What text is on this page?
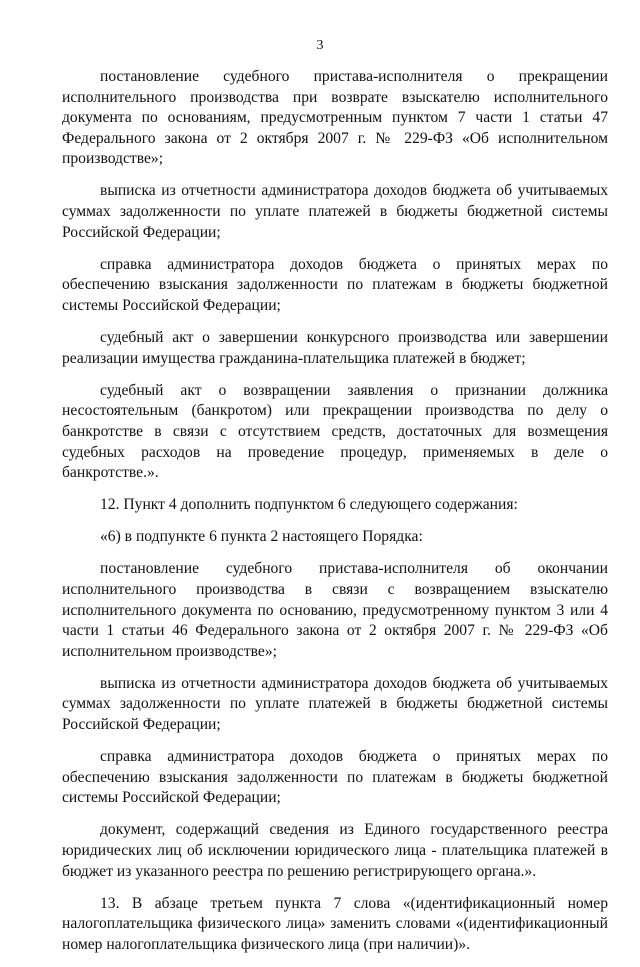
3

постановление судебного пристава-исполнителя о прекращении исполнительного производства при возврате взыскателю исполнительного документа по основаниям, предусмотренным пунктом 7 части 1 статьи 47 Федерального закона от 2 октября 2007 г. № 229-ФЗ «Об исполнительном производстве»;

выписка из отчетности администратора доходов бюджета об учитываемых суммах задолженности по уплате платежей в бюджеты бюджетной системы Российской Федерации;

справка администратора доходов бюджета о принятых мерах по обеспечению взыскания задолженности по платежам в бюджеты бюджетной системы Российской Федерации;

судебный акт о завершении конкурсного производства или завершении реализации имущества гражданина-плательщика платежей в бюджет;

судебный акт о возвращении заявления о признании должника несостоятельным (банкротом) или прекращении производства по делу о банкротстве в связи с отсутствием средств, достаточных для возмещения судебных расходов на проведение процедур, применяемых в деле о банкротстве.».

12. Пункт 4 дополнить подпунктом 6 следующего содержания:

«6) в подпункте 6 пункта 2 настоящего Порядка:

постановление судебного пристава-исполнителя об окончании исполнительного производства в связи с возвращением взыскателю исполнительного документа по основанию, предусмотренному пунктом 3 или 4 части 1 статьи 46 Федерального закона от 2 октября 2007 г. № 229-ФЗ «Об исполнительном производстве»;

выписка из отчетности администратора доходов бюджета об учитываемых суммах задолженности по уплате платежей в бюджеты бюджетной системы Российской Федерации;

справка администратора доходов бюджета о принятых мерах по обеспечению взыскания задолженности по платежам в бюджеты бюджетной системы Российской Федерации;

документ, содержащий сведения из Единого государственного реестра юридических лиц об исключении юридического лица - плательщика платежей в бюджет из указанного реестра по решению регистрирующего органа.».

13. В абзаце третьем пункта 7 слова «(идентификационный номер налогоплательщика физического лица» заменить словами «(идентификационный номер налогоплательщика физического лица (при наличии)».
